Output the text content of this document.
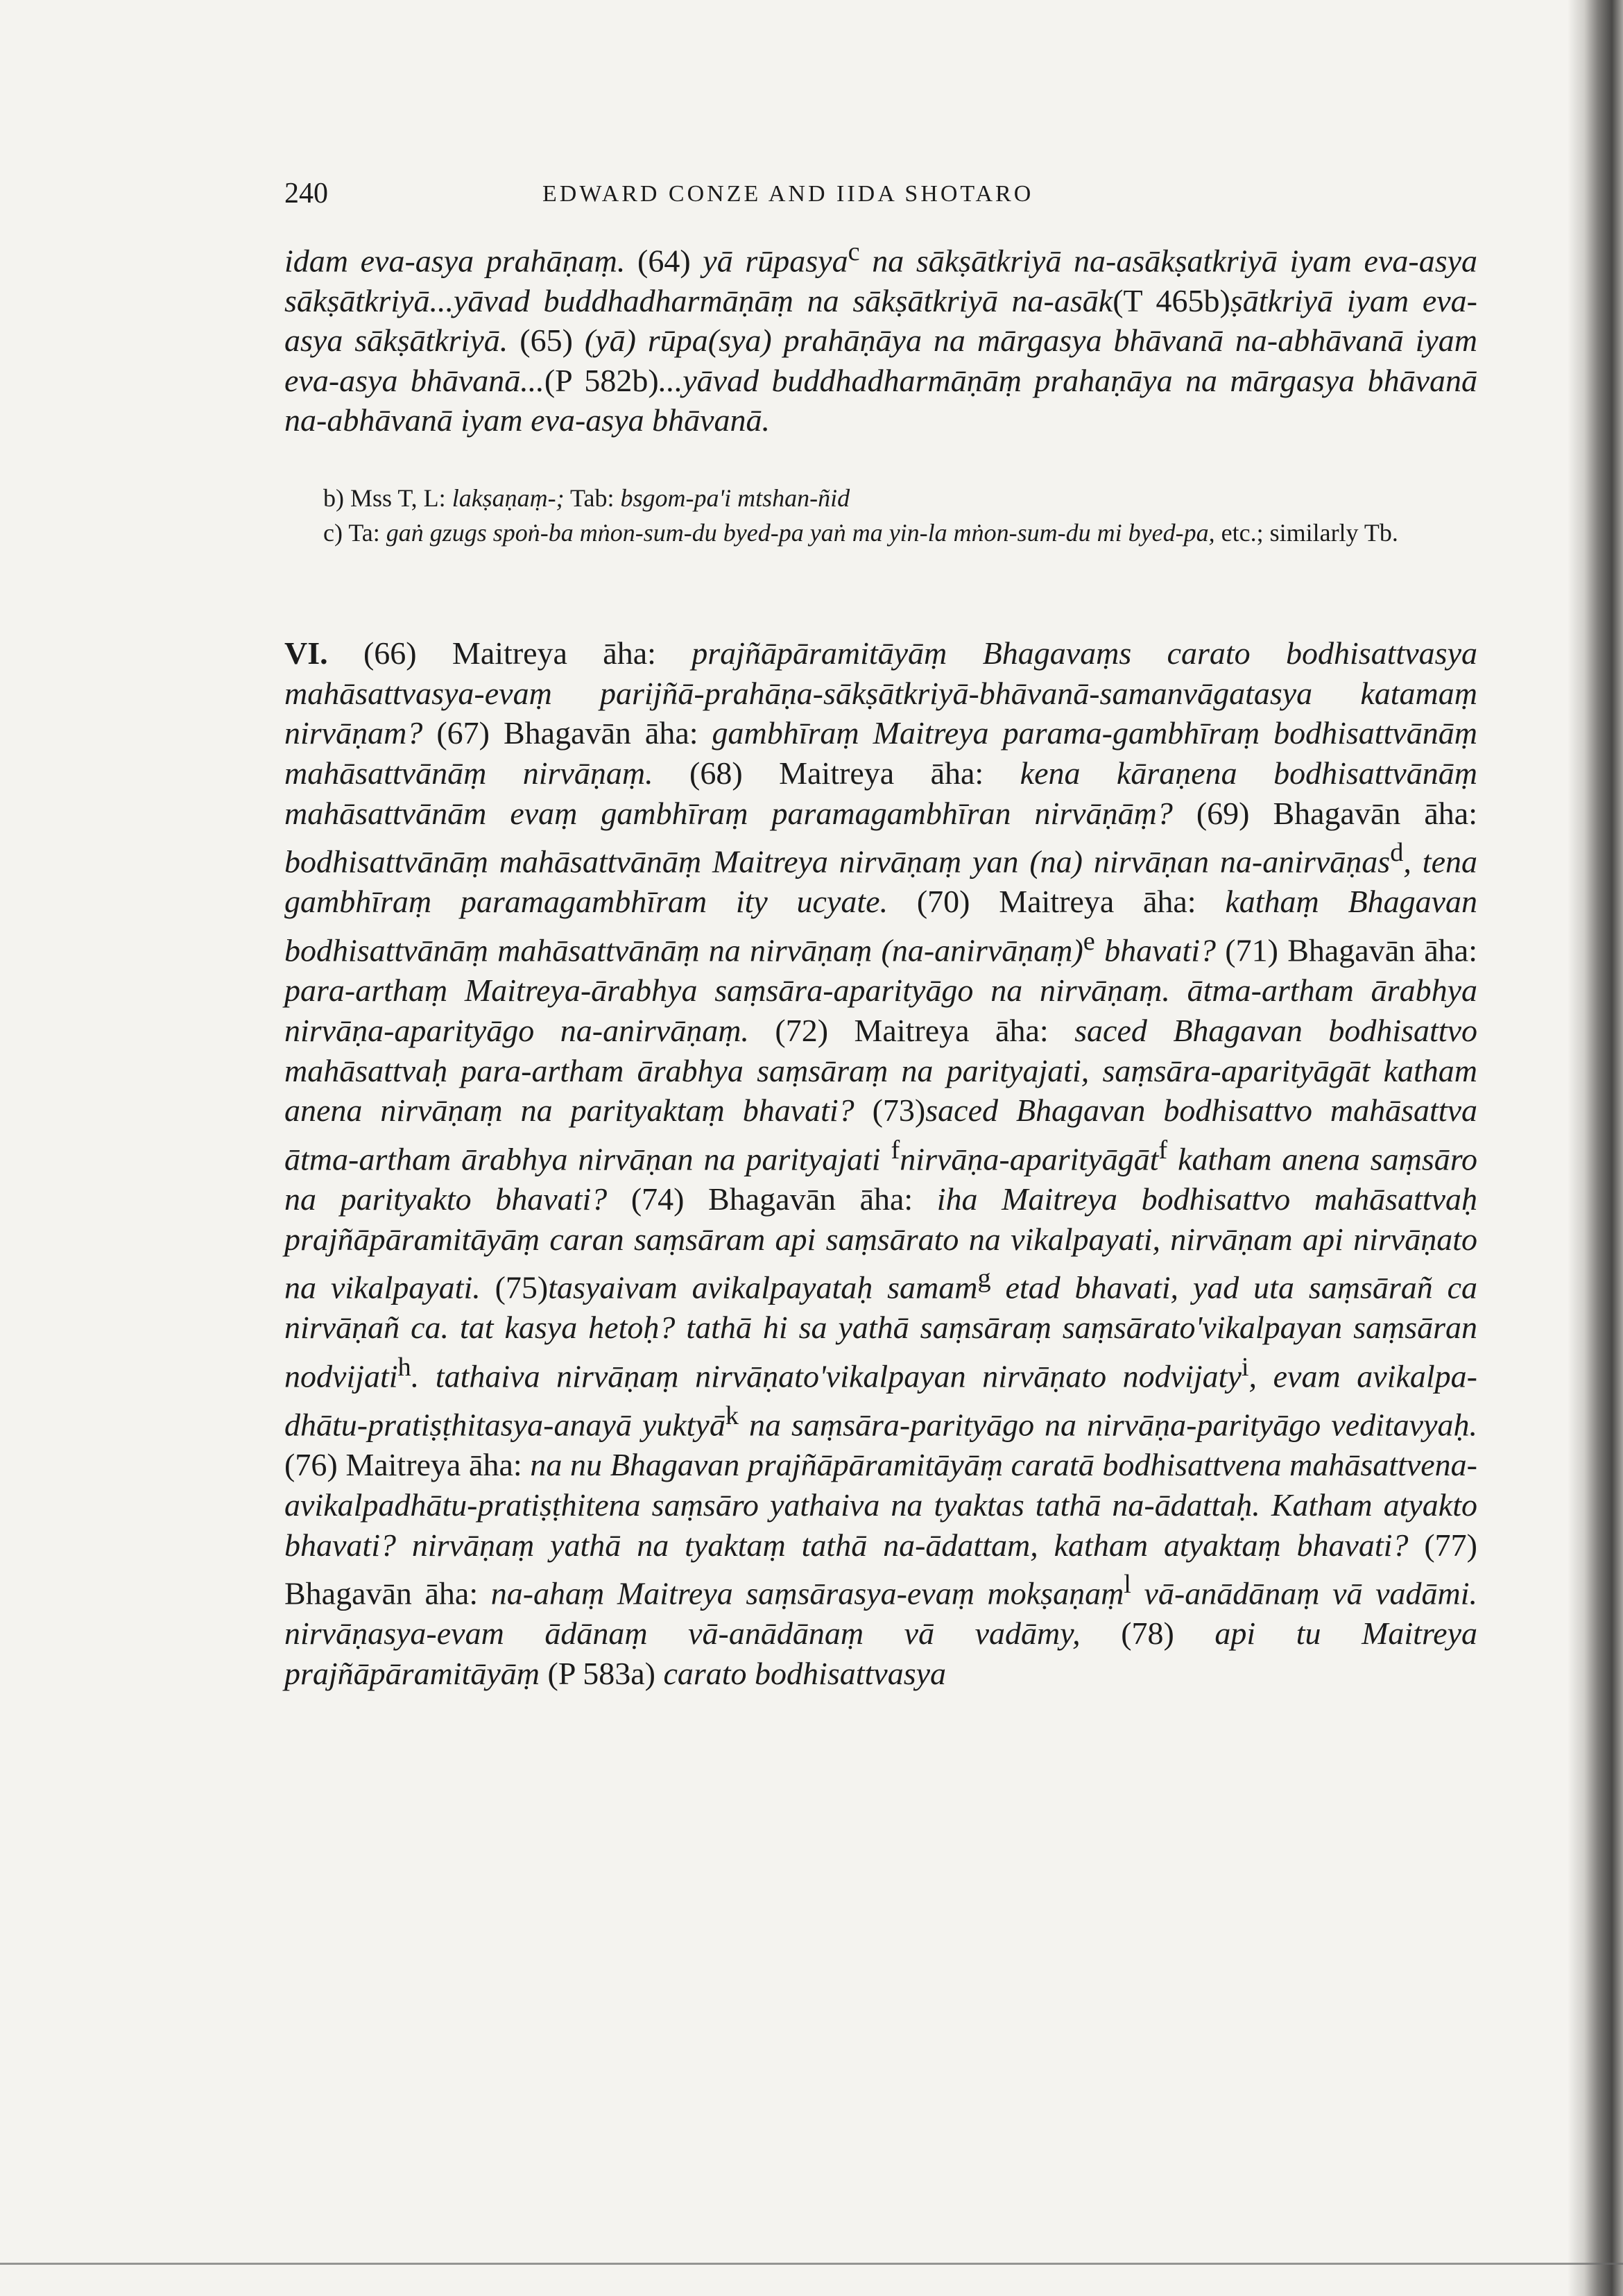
240	EDWARD CONZE AND IIDA SHOTARO

idam eva-asya prahāṇaṃ. (64) yā rūpasya$^c$ na sākṣātkriyā na-asākṣatkriyā iyam eva-asya sākṣātkriyā...yāvad buddhadharmāṇāṃ na sākṣātkriyā na-asāk(T 465b)ṣātkriyā iyam eva-asya sākṣātkriyā. (65) (yā) rūpa(sya) prahāṇāya na mārgasya bhāvanā na-abhāvanā iyam eva-asya bhāvanā...(P 582b)...yāvad buddhadharmāṇāṃ prahaṇāya na mārgasya bhāvanā na-abhāvanā iyam eva-asya bhāvanā.

b) Mss T, L: lakṣaṇaṃ-; Tab: bsgom-pa'i mtshan-ñid

c) Ta: gaṅ gzugs spoṅ-ba mṅon-sum-du byed-pa yaṅ ma yin-la mṅon-sum-du mi byed-pa, etc.; similarly Tb.

VI. (66) Maitreya āha: prajñāpāramitāyāṃ Bhagavaṃs carato bodhisattvasya mahāsattvasya-evaṃ parijñā-prahāṇa-sākṣātkriyā-bhāvanā-samanvāgatasya katamaṃ nirvāṇam? (67) Bhagavān āha: gambhīraṃ Maitreya parama-gambhīraṃ bodhisattvānāṃ mahāsattvānāṃ nirvāṇaṃ. (68) Maitreya āha: kena kāraṇena bodhisattvānāṃ mahāsattvānām evaṃ gambhīraṃ paramagambhīran nirvāṇāṃ? (69) Bhagavān āha: bodhisattvānāṃ mahāsattvānāṃ Maitreya nirvāṇaṃ yan (na) nirvāṇan na-anirvāṇas$^d$, tena gambhīraṃ paramagambhīram ity ucyate. (70) Maitreya āha: kathaṃ Bhagavan bodhisattvānāṃ mahāsattvānāṃ na nirvāṇaṃ (na-anirvāṇaṃ)$^e$ bhavati? (71) Bhagavān āha: para-arthaṃ Maitreya-ārabhya saṃsāra-aparityāgo na nirvāṇaṃ. ātma-artham ārabhya nirvāṇa-aparityāgo na-anirvāṇaṃ. (72) Maitreya āha: saced Bhagavan bodhisattvo mahāsattvaḥ para-artham ārabhya saṃsāraṃ na parityajati, saṃsāra-aparityāgāt katham anena nirvāṇaṃ na parityaktaṃ bhavati? (73)saced Bhagavan bodhisattvo mahāsattva ātma-artham ārabhya nirvāṇan na parityajati $^f$nirvāṇa-aparityāgāt$^f$ katham anena saṃsāro na parityakto bhavati? (74) Bhagavān āha: iha Maitreya bodhisattvo mahāsattvaḥ prajñāpāramitāyāṃ caran saṃsāram api saṃsārato na vikalpayati, nirvāṇam api nirvāṇato na vikalpayati. (75)tasyaivam avikalpayataḥ samam$^g$ etad bhavati, yad uta saṃsārañ ca nirvāṇañ ca. tat kasya hetoḥ? tathā hi sa yathā saṃsāraṃ saṃsārato'vikalpayan saṃsāran nodvijati$^h$. tathaiva nirvāṇaṃ nirvāṇato'vikalpayan nirvāṇato nodvijaty$^i$, evam avikalpa-dhātu-pratiṣṭhitasya-anayā yuktyā$^k$ na saṃsāra-parityāgo na nirvāṇa-parityāgo veditavyaḥ. (76) Maitreya āha: na nu Bhagavan prajñāpāramitāyāṃ caratā bodhisattvena mahāsattvena-avikalpadhātu-pratiṣṭhitena saṃsāro yathaiva na tyaktas tathā na-ādattaḥ. Katham atyakto bhavati? nirvāṇaṃ yathā na tyaktaṃ tathā na-ādattam, katham atyaktaṃ bhavati? (77) Bhagavān āha: na-ahaṃ Maitreya saṃsārasya-evaṃ mokṣaṇaṃ$^l$ vā-anādānaṃ vā vadāmi. nirvāṇasya-evam ādānaṃ vā-anādānaṃ vā vadāmy, (78) api tu Maitreya prajñāpāramitāyāṃ (P 583a) carato bodhisattvasya
